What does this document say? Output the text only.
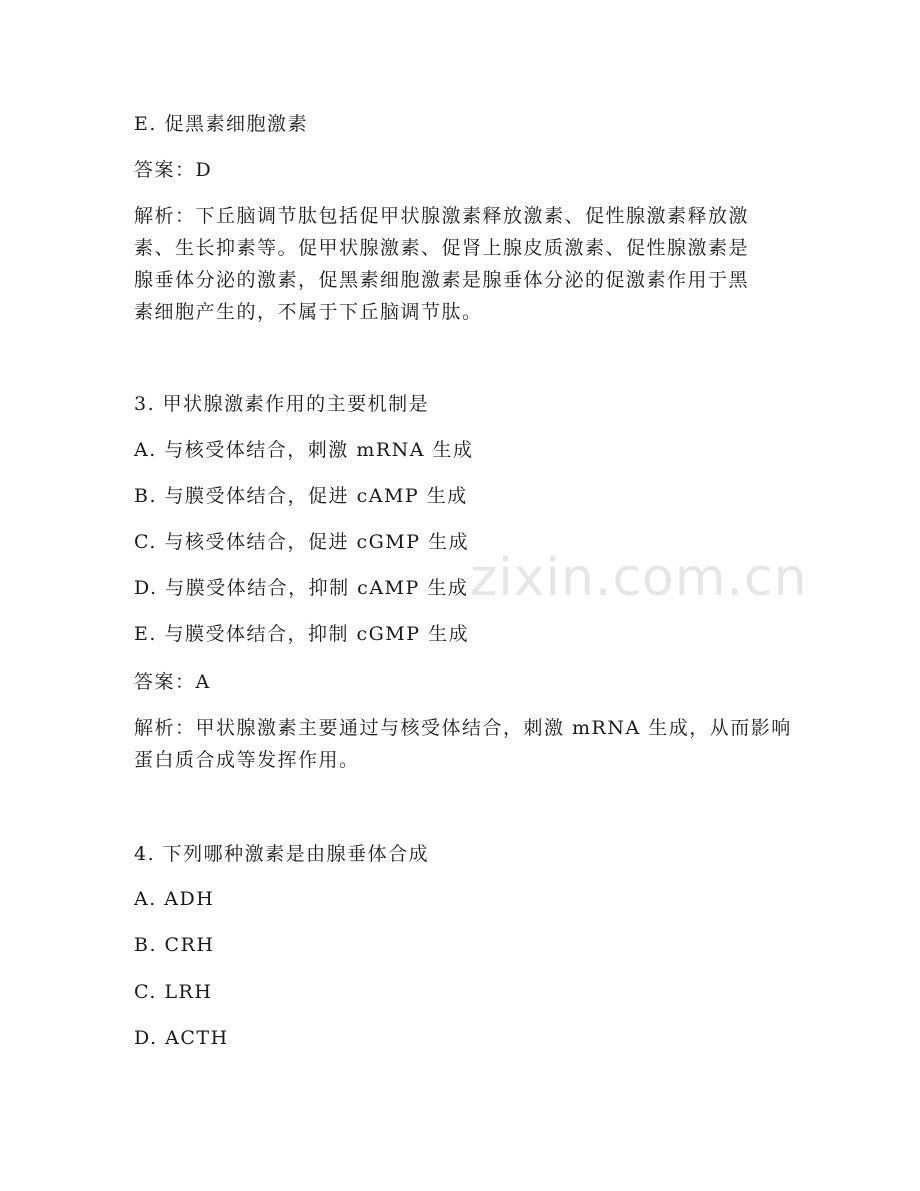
zixin.com.cn
E. 促黑素细胞激素
答案：D
解析：下丘脑调节肽包括促甲状腺激素释放激素、促性腺激素释放激
素、生长抑素等。促甲状腺激素、促肾上腺皮质激素、促性腺激素是
腺垂体分泌的激素，促黑素细胞激素是腺垂体分泌的促激素作用于黑
素细胞产生的，不属于下丘脑调节肽。
3. 甲状腺激素作用的主要机制是
A. 与核受体结合，刺激 mRNA 生成
B. 与膜受体结合，促进 cAMP 生成
C. 与核受体结合，促进 cGMP 生成
D. 与膜受体结合，抑制 cAMP 生成
E. 与膜受体结合，抑制 cGMP 生成
答案：A
解析：甲状腺激素主要通过与核受体结合，刺激 mRNA 生成，从而影响
蛋白质合成等发挥作用。
4. 下列哪种激素是由腺垂体合成
A. ADH
B. CRH
C. LRH
D. ACTH
